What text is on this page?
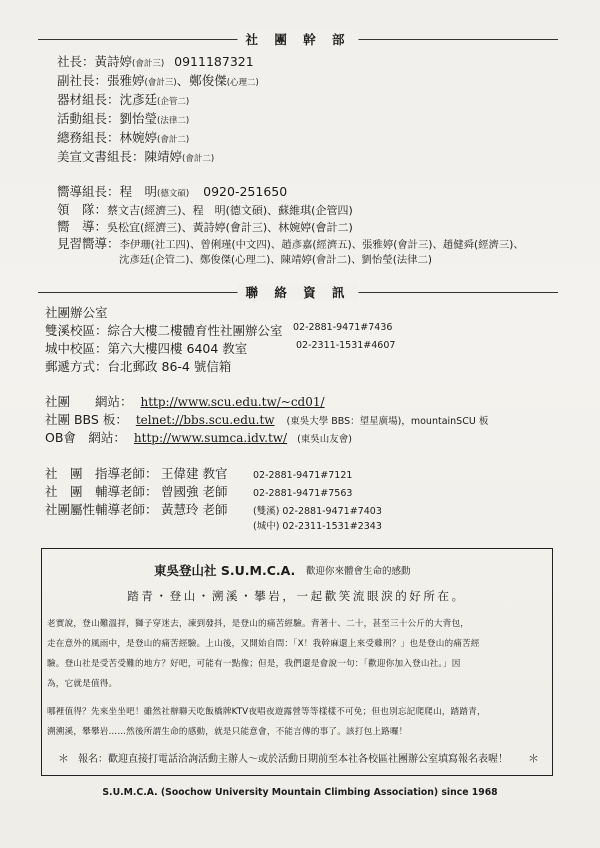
社 團 幹 部
社長：黃詩婷(會計三) 0911187321
副社長：張雅婷(會計三)、鄭俊傑(心理二)
器材組長：沈彥廷(企管二)
活動組長：劉怡瑩(法律二)
總務組長：林婉婷(會計二)
美宣文書組長：陳靖婷(會計二)
嚮導組長：程　明(德文碩) 0920-251650
領　隊：蔡文吉(經濟三)、程　明(德文碩)、蘇維琪(企管四)
嚮　導：吳松宜(經濟三)、黃詩婷(會計三)、林婉婷(會計二)
見習嚮導：李伊珊(社工四)、曾俐瑾(中文四)、趙彥嘉(經濟五)、張雅婷(會計三)、趙健舜(經濟三)、
沈彥廷(企管二)、鄭俊傑(心理二)、陳靖婷(會計二)、劉怡瑩(法律二)
聯 絡 資 訊
社團辦公室
雙溪校區：綜合大樓二樓體育性社團辦公室 02-2881-9471#7436
城中校區：第六大樓四樓 6404 教室	02-2311-1531#4607
郵遞方式：台北郵政 86-4 號信箱
社團　　網站： http://www.scu.edu.tw/~cd01/
社團 BBS 板： telnet://bbs.scu.edu.tw (東吳大學 BBS：望星廣場)，mountainSCU 板
OB會　網站： http://www.sumca.idv.tw/ (東吳山友會)
社　團　指導老師： 王偉建 教官	02-2881-9471#7121
社　團　輔導老師： 曾國強 老師	02-2881-9471#7563
社團屬性輔導老師： 黃慧玲 老師	(雙溪) 02-2881-9471#7403
(城中) 02-2311-1531#2343
東吳登山社 S.U.M.C.A. 歡迎你來體會生命的感動
踏青・登山・溯溪・攀岩，一起歡笑流眼淚的好所在。
老實說，登山難溫拌，獅子穿迷去，凍到發抖，是登山的痛苦經驗。背著十、二十，甚至三十公斤的大背包，
走在意外的風雨中，是登山的痛苦經驗。上山後，又開始自問：「X！我幹麻還上來受雞刑？」也是登山的痛苦經
驗。登山社是受苦受難的地方？好吧，可能有一點像；但是，我們還是會說一句：「歡迎你加入登山社。」因
為，它就是值得。
哪裡值得？先來坐坐吧！雖然社辦聯天吃飯橋牌KTV夜唱夜遊露營等等樣樣不可免；但也別忘記爬爬山，踏踏青，
溯溯溪，攀攀岩……然後所謂生命的感動，就是只能意會，不能言傳的事了。該打包上路囉！
＊ 報名：歡迎直接打電話洽詢活動主辦人～或於活動日期前至本社各校區社團辦公室填寫報名表喔！ ＊
S.U.M.C.A. (Soochow University Mountain Climbing Association) since 1968
